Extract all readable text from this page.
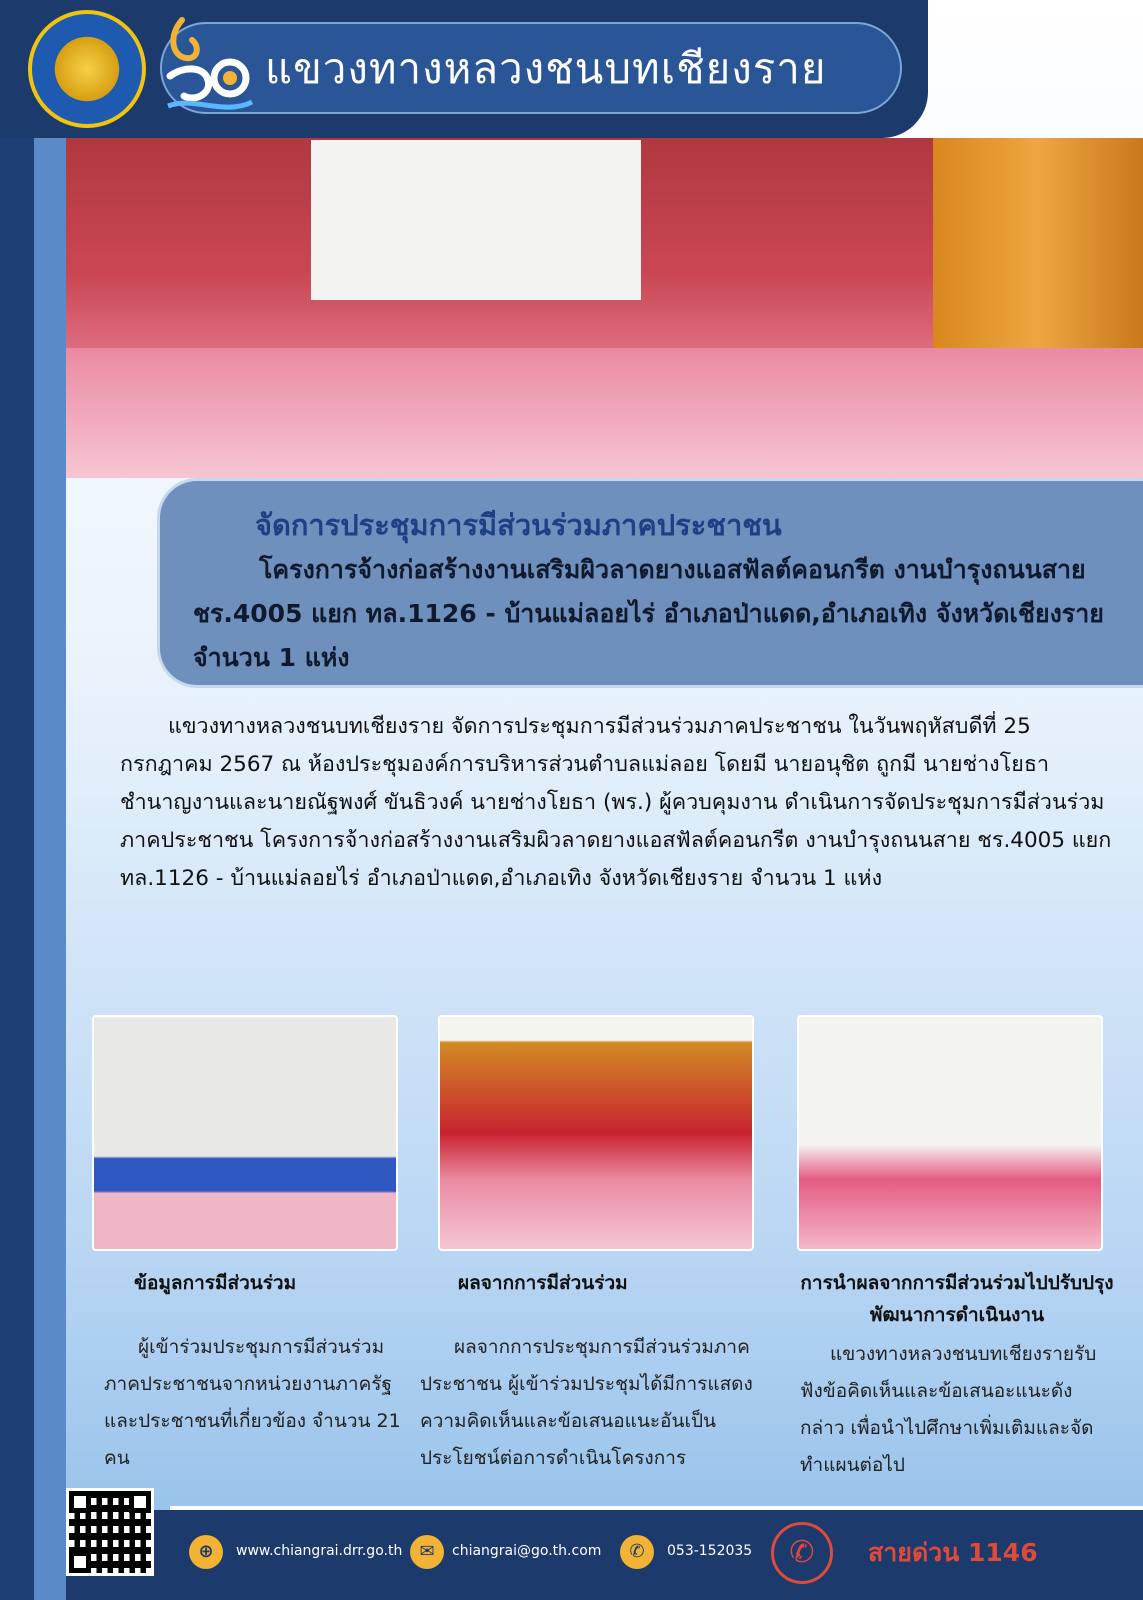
แขวงทางหลวงชนบทเชียงราย
จัดการประชุมการมีส่วนร่วมภาคประชาชน
โครงการจ้างก่อสร้างงานเสริมผิวลาดยางแอสฟัลต์คอนกรีต งานบำรุงถนนสาย ชร.4005 แยก ทล.1126 - บ้านแม่ลอยไร่ อำเภอป่าแดด,อำเภอเทิง จังหวัดเชียงราย จำนวน 1 แห่ง
แขวงทางหลวงชนบทเชียงราย จัดการประชุมการมีส่วนร่วมภาคประชาชน ในวันพฤหัสบดีที่ 25 กรกฎาคม 2567 ณ ห้องประชุมองค์การบริหารส่วนตำบลแม่ลอย โดยมี นายอนุชิต ถูกมี นายช่างโยธาชำนาญงานและนายณัฐพงศ์ ขันธิวงค์ นายช่างโยธา (พร.) ผู้ควบคุมงาน ดำเนินการจัดประชุมการมีส่วนร่วมภาคประชาชน โครงการจ้างก่อสร้างงานเสริมผิวลาดยางแอสฟัลต์คอนกรีต งานบำรุงถนนสาย ชร.4005 แยก ทล.1126 - บ้านแม่ลอยไร่ อำเภอป่าแดด,อำเภอเทิง จังหวัดเชียงราย จำนวน 1 แห่ง
ข้อมูลการมีส่วนร่วม	ผลจากการมีส่วนร่วม	การนำผลจากการมีส่วนร่วมไปปรับปรุงพัฒนาการดำเนินงาน
ผู้เข้าร่วมประชุมการมีส่วนร่วมภาคประชาชนจากหน่วยงานภาครัฐและประชาชนที่เกี่ยวข้อง จำนวน 21 คน
ผลจากการประชุมการมีส่วนร่วมภาคประชาชน ผู้เข้าร่วมประชุมได้มีการแสดงความคิดเห็นและข้อเสนอแนะอันเป็นประโยชน์ต่อการดำเนินโครงการ
แขวงทางหลวงชนบทเชียงรายรับฟังข้อคิดเห็นและข้อเสนอะแนะดังกล่าว เพื่อนำไปศึกษาเพิ่มเติมและจัดทำแผนต่อไป
⊕	www.chiangrai.drr.go.th ✉	chiangrai@go.th.com	✆	053-152035	✆	สายด่วน 1146
